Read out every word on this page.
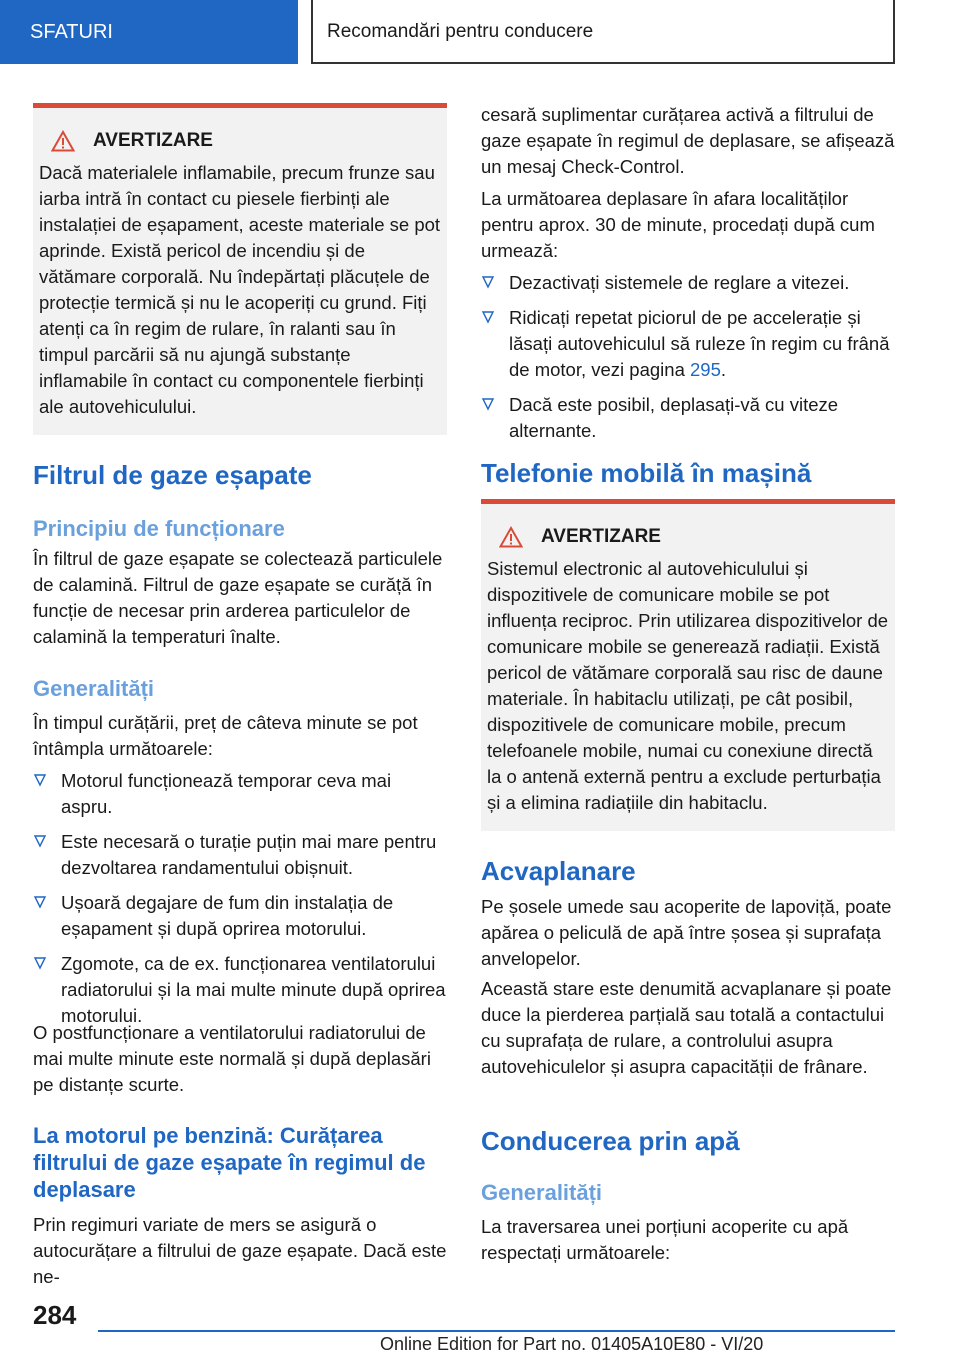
SFATURI	Recomandări pentru conducere
AVERTIZARE

Dacă materialele inflamabile, precum frunze sau iarba intră în contact cu piesele fierbinți ale instalației de eșapament, aceste materiale se pot aprinde. Există pericol de incendiu și de vătămare corporală. Nu îndepărtați plăcuțele de protecție termică și nu le acoperiți cu grund. Fiți atenți ca în regim de rulare, în ralanti sau în timpul parcării să nu ajungă substanțe inflamabile în contact cu componentele fierbinți ale autovehiculului.

Filtrul de gaze eșapate
Principiu de funcționare

În filtrul de gaze eșapate se colectează particulele de calamină. Filtrul de gaze eșapate se curăță în funcție de necesar prin arderea particulelor de calamină la temperaturi înalte.

Generalități

În timpul curățării, preț de câteva minute se pot întâmpla următoarele:

Motorul funcționează temporar ceva mai aspru.
Este necesară o turație puțin mai mare pentru dezvoltarea randamentului obișnuit.
Ușoară degajare de fum din instalația de eșapament și după oprirea motorului.
Zgomote, ca de ex. funcționarea ventilatorului radiatorului și la mai multe minute după oprirea motorului.

O postfuncționare a ventilatorului radiatorului de mai multe minute este normală și după deplasări pe distanțe scurte.

La motorul pe benzină: Curățarea filtrului de gaze eșapate în regimul de deplasare

Prin regimuri variate de mers se asigură o autocurățare a filtrului de gaze eșapate. Dacă este ne-

cesară suplimentar curățarea activă a filtrului de gaze eșapate în regimul de deplasare, se afișează un mesaj Check-Control.

La următoarea deplasare în afara localităților pentru aprox. 30 de minute, procedați după cum urmează:

Dezactivați sistemele de reglare a vitezei.
Ridicați repetat piciorul de pe accelerație și lăsați autovehiculul să ruleze în regim cu frână de motor, vezi pagina 295.
Dacă este posibil, deplasați-vă cu viteze alternante.
Telefonie mobilă în mașină
AVERTIZARE

Sistemul electronic al autovehiculului și dispozitivele de comunicare mobile se pot influența reciproc. Prin utilizarea dispozitivelor de comunicare mobile se generează radiații. Există pericol de vătămare corporală sau risc de daune materiale. În habitaclu utilizați, pe cât posibil, dispozitivele de comunicare mobile, precum telefoanele mobile, numai cu conexiune directă la o antenă externă pentru a exclude perturbația și a elimina radiațiile din habitaclu.

Acvaplanare

Pe șosele umede sau acoperite de lapoviță, poate apărea o peliculă de apă între șosea și suprafața anvelopelor.

Această stare este denumită acvaplanare și poate duce la pierderea parțială sau totală a contactului cu suprafața de rulare, a controlului asupra autovehiculelor și asupra capacității de frânare.

Conducerea prin apă
Generalități

La traversarea unei porțiuni acoperite cu apă respectați următoarele:

284
Online Edition for Part no. 01405A10E80 - VI/20
